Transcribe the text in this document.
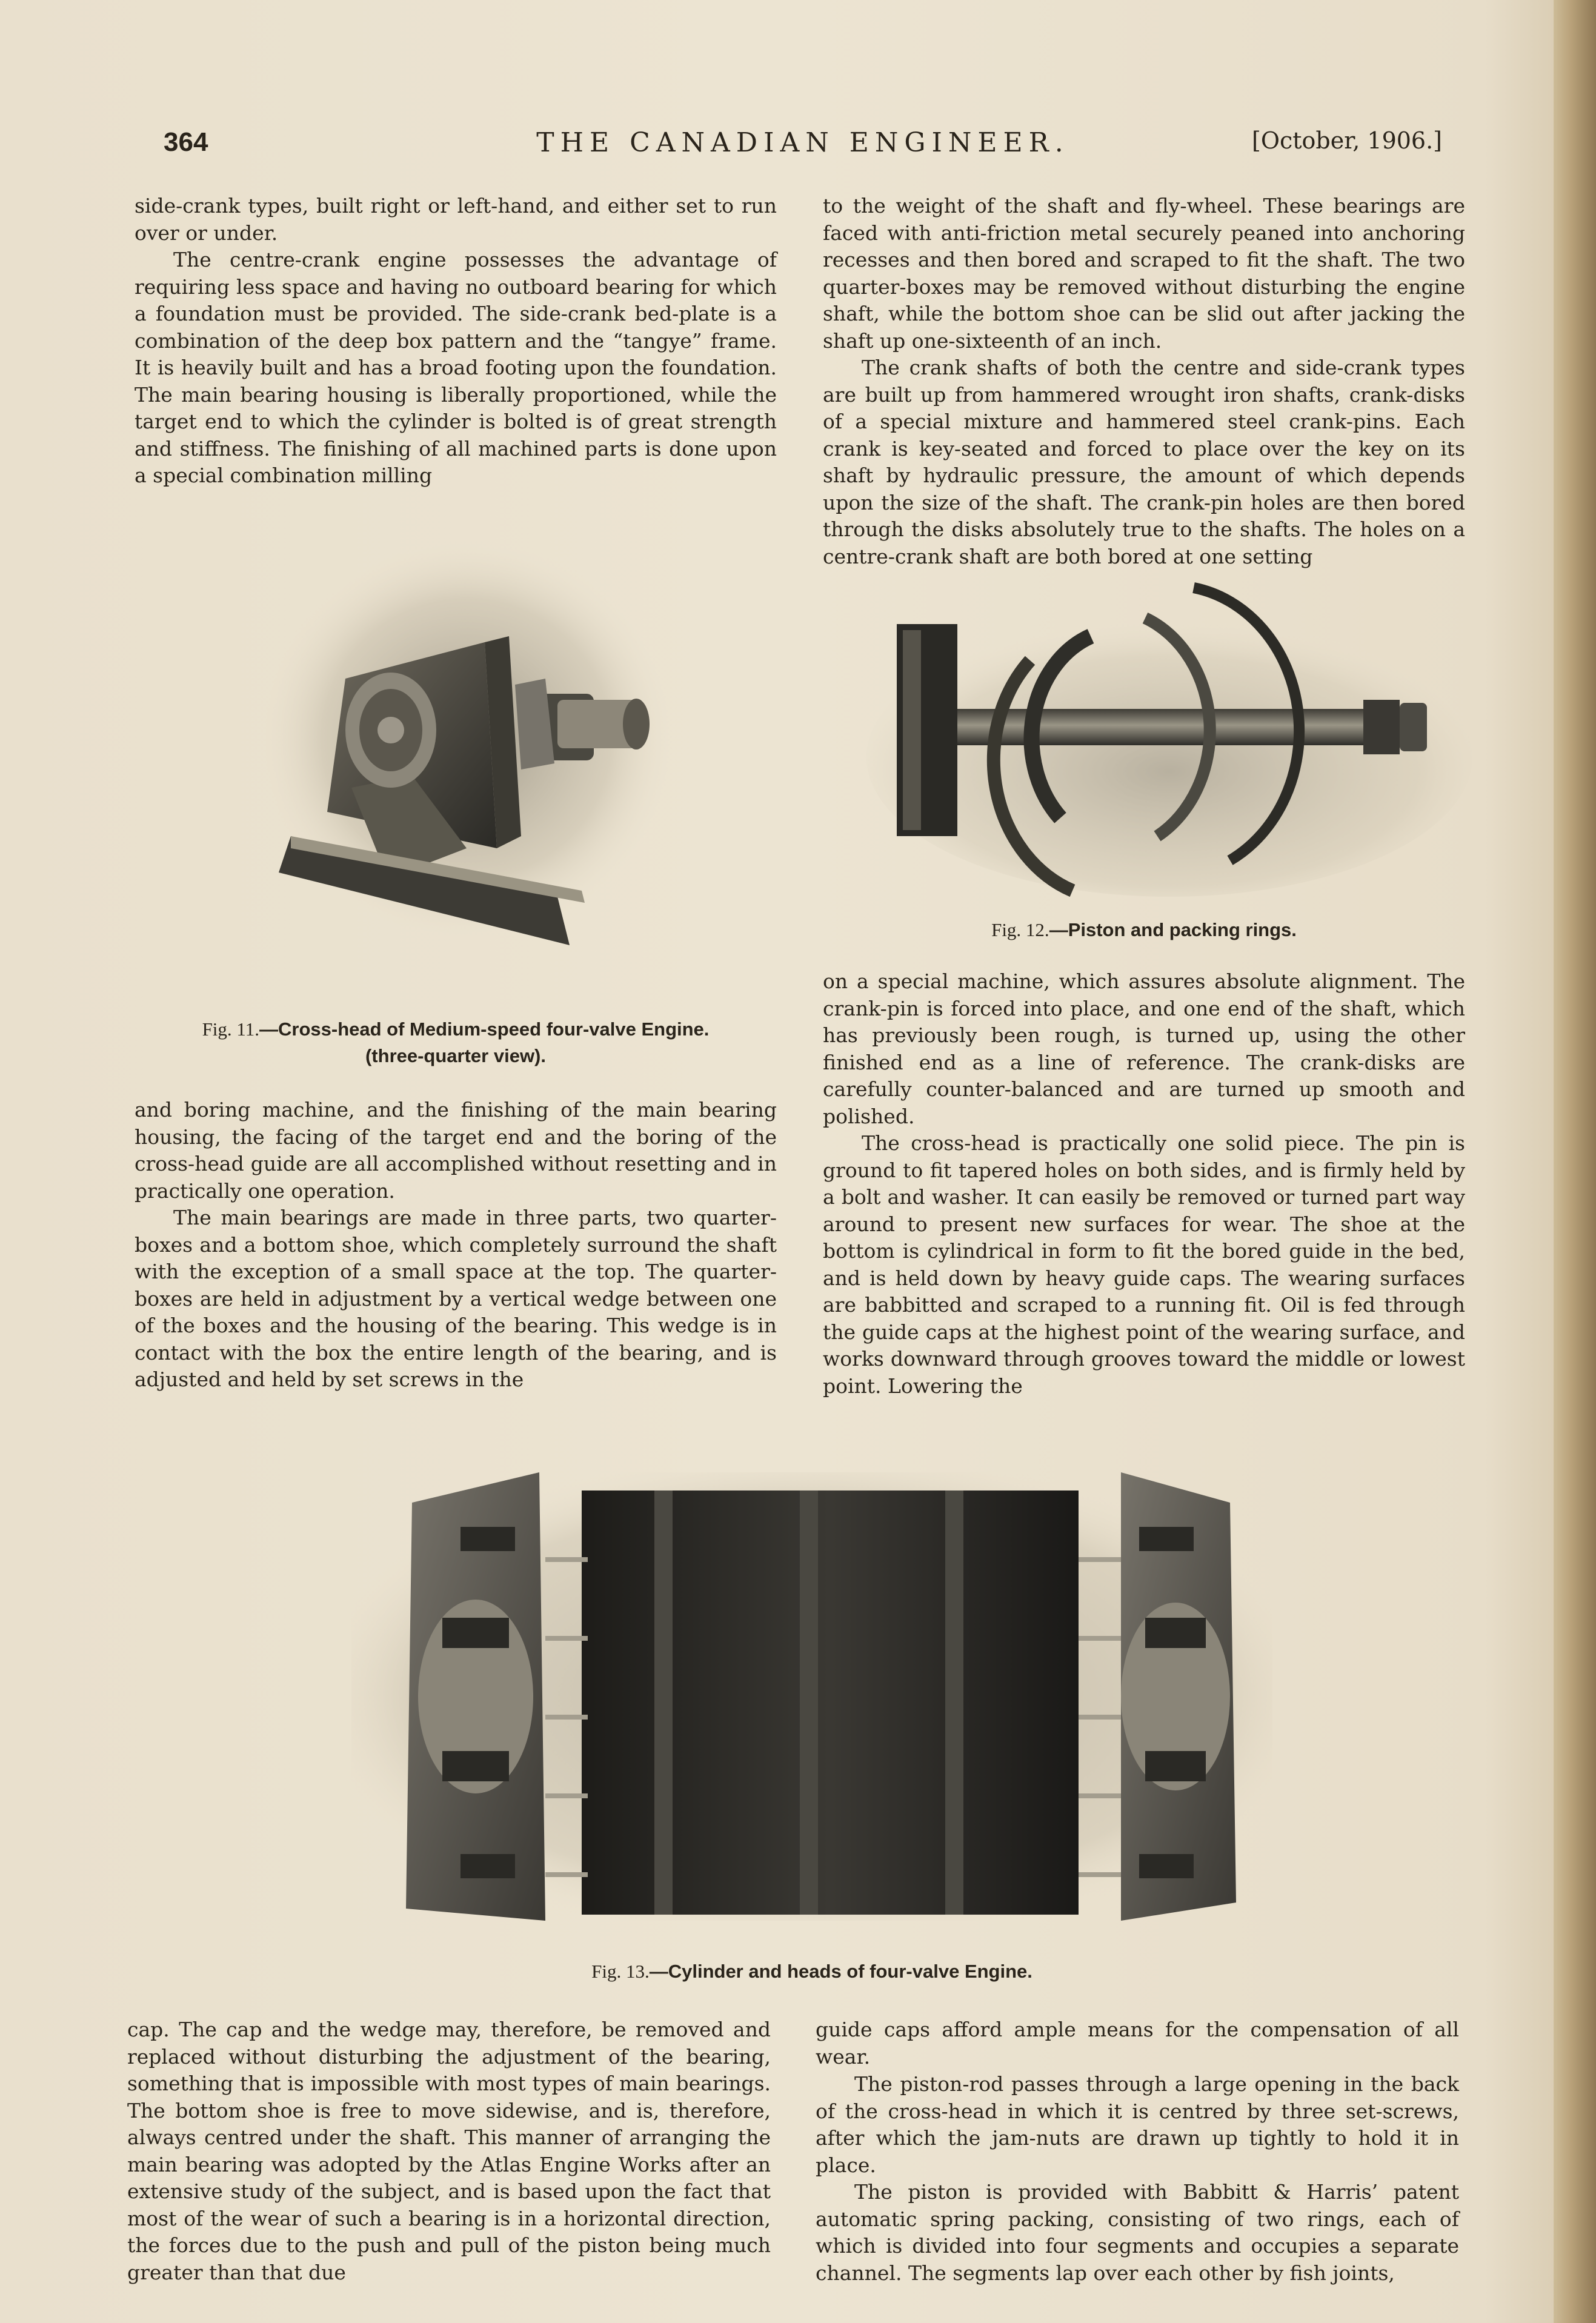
364	THE CANADIAN ENGINEER.	[October, 1906.]

side-crank types, built right or left-hand, and either set to run over or under.

The centre-crank engine possesses the advantage of requiring less space and having no outboard bearing for which a foundation must be provided. The side-crank bed-plate is a combination of the deep box pattern and the “tangye” frame. It is heavily built and has a broad footing upon the foundation. The main bearing housing is liberally proportioned, while the target end to which the cylinder is bolted is of great strength and stiffness. The finishing of all machined parts is done upon a special combination milling

to the weight of the shaft and fly-wheel. These bearings are faced with anti-friction metal securely peaned into anchoring recesses and then bored and scraped to fit the shaft. The two quarter-boxes may be removed without disturbing the engine shaft, while the bottom shoe can be slid out after jacking the shaft up one-sixteenth of an inch.

The crank shafts of both the centre and side-crank types are built up from hammered wrought iron shafts, crank-disks of a special mixture and hammered steel crank-pins. Each crank is key-seated and forced to place over the key on its shaft by hydraulic pressure, the amount of which depends upon the size of the shaft. The crank-pin holes are then bored through the disks absolutely true to the shafts. The holes on a centre-crank shaft are both bored at one setting

Fig. 11.—Cross-head of Medium-speed four-valve Engine.
(three-quarter view).
Fig. 12.—Piston and packing rings.

and boring machine, and the finishing of the main bearing housing, the facing of the target end and the boring of the cross-head guide are all accomplished without resetting and in practically one operation.

The main bearings are made in three parts, two quarter-boxes and a bottom shoe, which completely surround the shaft with the exception of a small space at the top. The quarter-boxes are held in adjustment by a vertical wedge between one of the boxes and the housing of the bearing. This wedge is in contact with the box the entire length of the bearing, and is adjusted and held by set screws in the

on a special machine, which assures absolute alignment. The crank-pin is forced into place, and one end of the shaft, which has previously been rough, is turned up, using the other finished end as a line of reference. The crank-disks are carefully counter-balanced and are turned up smooth and polished.

The cross-head is practically one solid piece. The pin is ground to fit tapered holes on both sides, and is firmly held by a bolt and washer. It can easily be removed or turned part way around to present new surfaces for wear. The shoe at the bottom is cylindrical in form to fit the bored guide in the bed, and is held down by heavy guide caps. The wearing surfaces are babbitted and scraped to a running fit. Oil is fed through the guide caps at the highest point of the wearing surface, and works downward through grooves toward the middle or lowest point. Lowering the

Fig. 13.—Cylinder and heads of four-valve Engine.

cap. The cap and the wedge may, therefore, be removed and replaced without disturbing the adjustment of the bearing, something that is impossible with most types of main bearings. The bottom shoe is free to move sidewise, and is, therefore, always centred under the shaft. This manner of arranging the main bearing was adopted by the Atlas Engine Works after an extensive study of the subject, and is based upon the fact that most of the wear of such a bearing is in a horizontal direction, the forces due to the push and pull of the piston being much greater than that due

guide caps afford ample means for the compensation of all wear.

The piston-rod passes through a large opening in the back of the cross-head in which it is centred by three set-screws, after which the jam-nuts are drawn up tightly to hold it in place.

The piston is provided with Babbitt & Harris’ patent automatic spring packing, consisting of two rings, each of which is divided into four segments and occupies a separate channel. The segments lap over each other by fish joints,
